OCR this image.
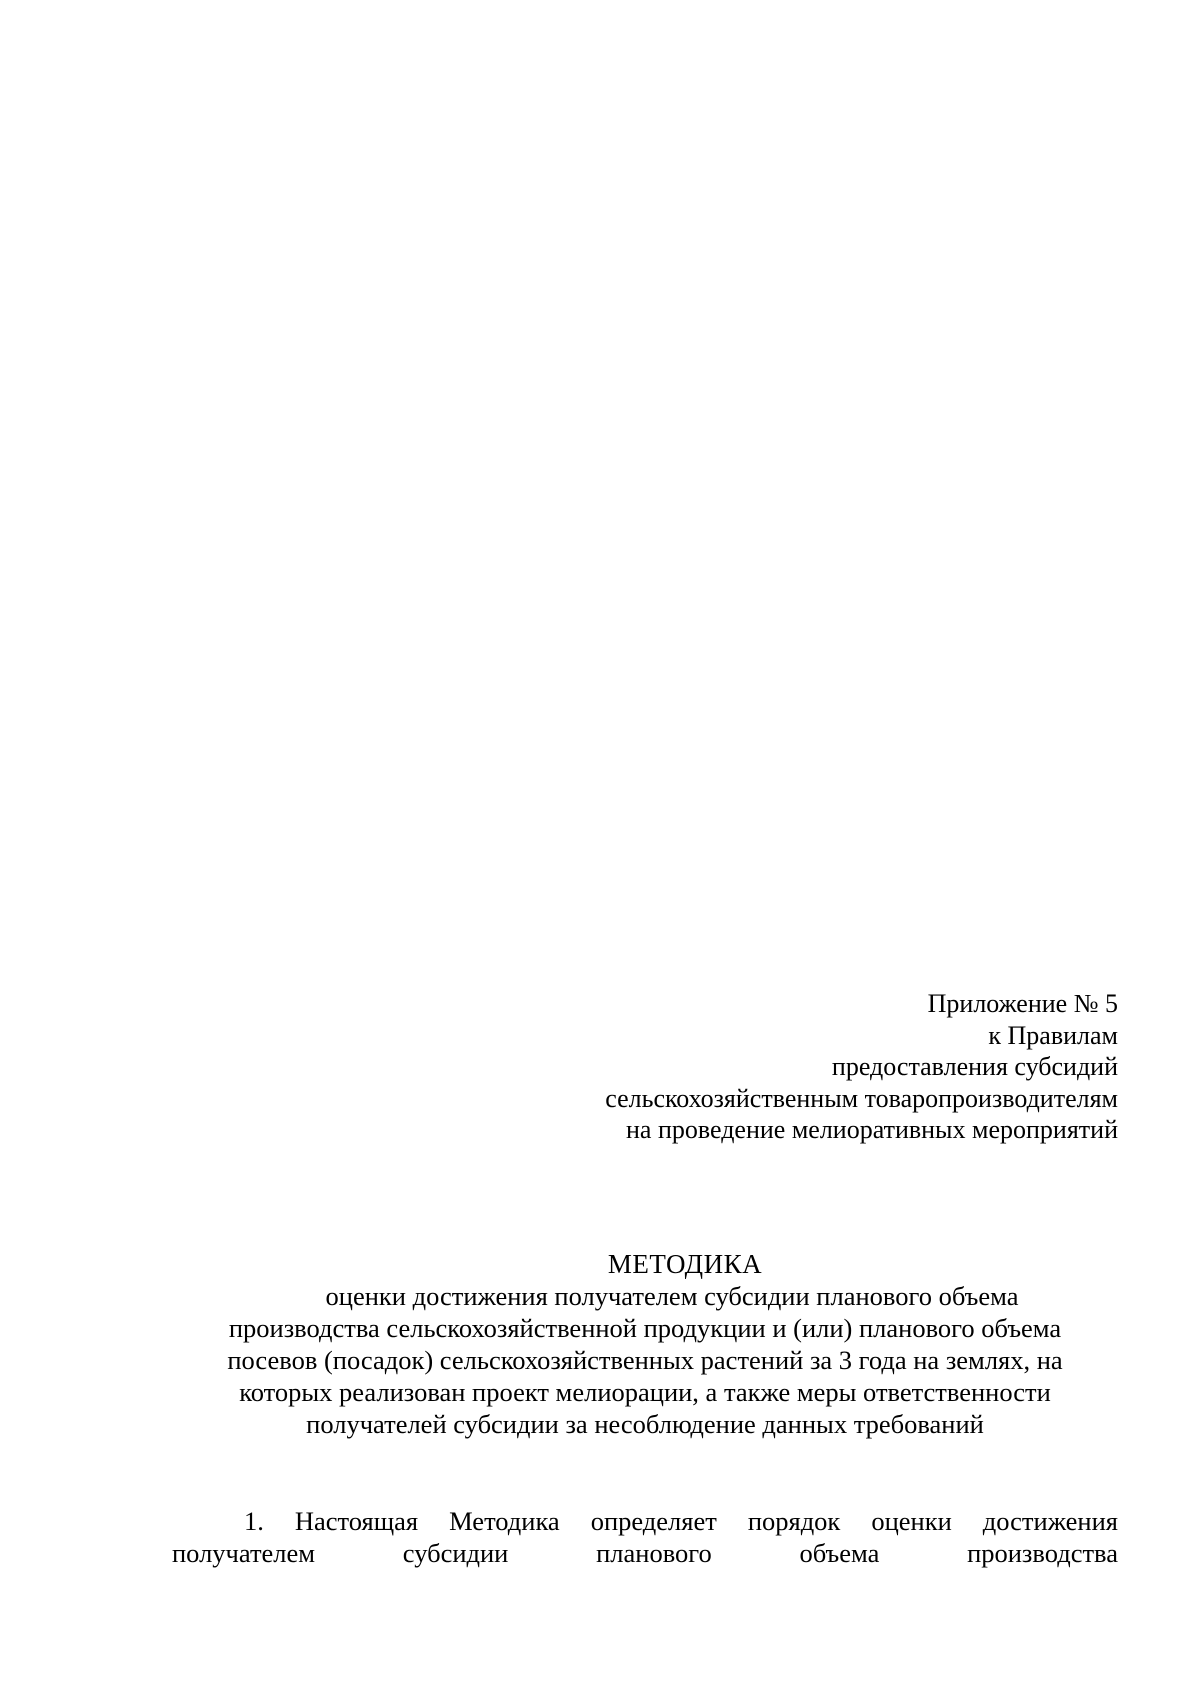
Приложение № 5
к Правилам
предоставления субсидий
сельскохозяйственным товаропроизводителям
на проведение мелиоративных мероприятий
МЕТОДИКА
оценки достижения получателем субсидии планового объема
производства сельскохозяйственной продукции и (или) планового объема
посевов (посадок) сельскохозяйственных растений за 3 года на землях, на
которых реализован проект мелиорации, а также меры ответственности
получателей субсидии за несоблюдение данных требований
1. Настоящая Методика определяет порядок оценки достижения
получателем	субсидии	планового	объема	производства
